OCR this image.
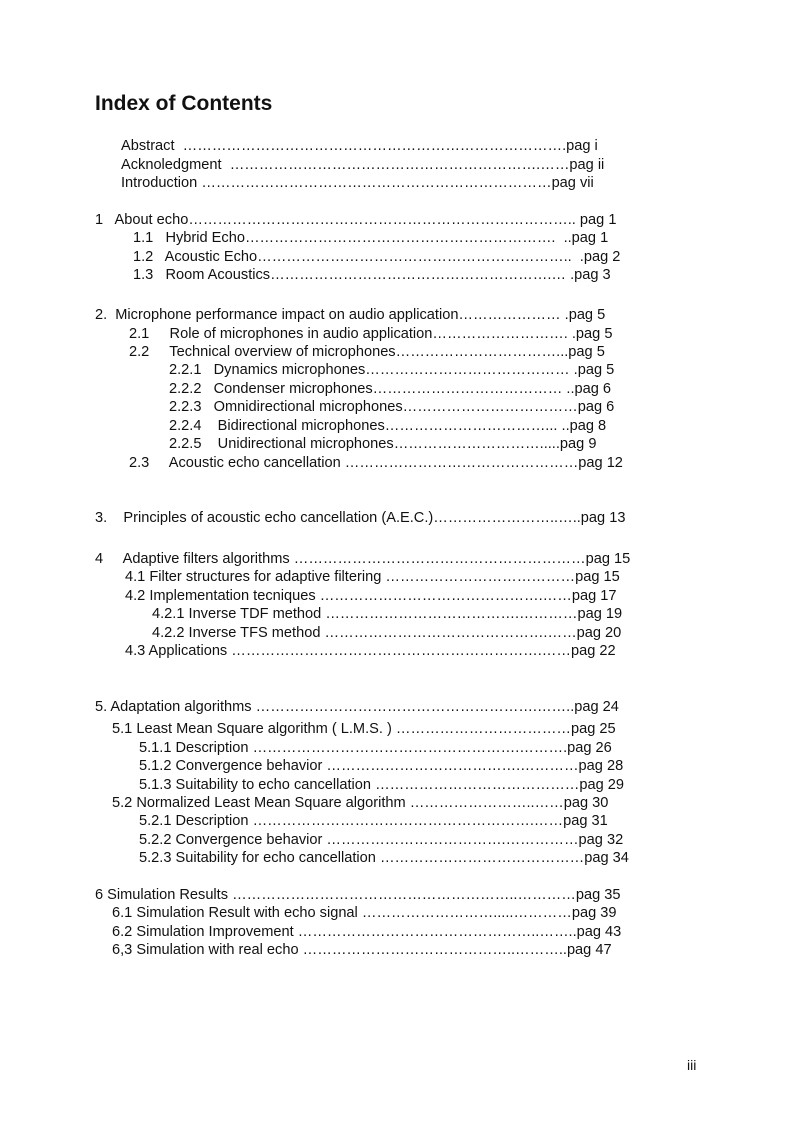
Index of Contents
Abstract  …………………………………………………………………….pag i
Acknoledgment  ……………………………………………………….……pag ii
Introduction ………………………………………………………………pag vii
1   About echo…………………………………………………………………….. pag 1
1.1   Hybrid Echo……………………………………………………….  ..pag 1
1.2   Acoustic Echo………………………………………………………..  .pag 2
1.3   Room Acoustics………………………………………………….… .pag 3
2.  Microphone performance impact on audio application………………… .pag 5
2.1     Role of microphones in audio application………………………. .pag 5
2.2     Technical overview of microphones……………………………...pag 5
2.2.1   Dynamics microphones…………………………………… .pag 5
2.2.2   Condenser microphones………………………………… ..pag 6
2.2.3   Omnidirectional microphones………………………………pag 6
2.2.4    Bidirectional microphones……………………………... ..pag 8
2.2.5    Unidirectional microphones………………………….....pag 9
2.3     Acoustic echo cancellation …………………………………………pag 12
3.    Principles of acoustic echo cancellation (A.E.C.)……………………..…..pag 13
4     Adaptive filters algorithms ……………………………………………………pag 15
4.1 Filter structures for adaptive filtering …………………………………pag 15
4.2 Implementation tecniques ……………………………………….……pag 17
4.2.1 Inverse TDF method ………………………………….…………pag 19
4.2.2 Inverse TFS method ……………………………………….……pag 20
4.3 Applications ……………………………………………………….……pag 22
5. Adaptation algorithms ………………………………………………….……..pag 24
5.1 Least Mean Square algorithm ( L.M.S. ) ………………………………pag 25
5.1.1 Description ……………………………………………….……….pag 26
5.1.2 Convergence behavior ………………………………….…………pag 28
5.1.3 Suitability to echo cancellation ……………………………………pag 29
5.2 Normalized Least Mean Square algorithm ……………………..……pag 30
5.2.1 Description ………………………………………………….……pag 31
5.2.2 Convergence behavior ……………………………….……………pag 32
5.2.3 Suitability for echo cancellation ……………………………………pag 34
6 Simulation Results …………………………………………………..…………pag 35
6.1 Simulation Result with echo signal ……………………….....…………pag 39
6.2 Simulation Improvement …………………………………………..……..pag 43
6,3 Simulation with real echo ……………………………………..………..pag 47
iii
